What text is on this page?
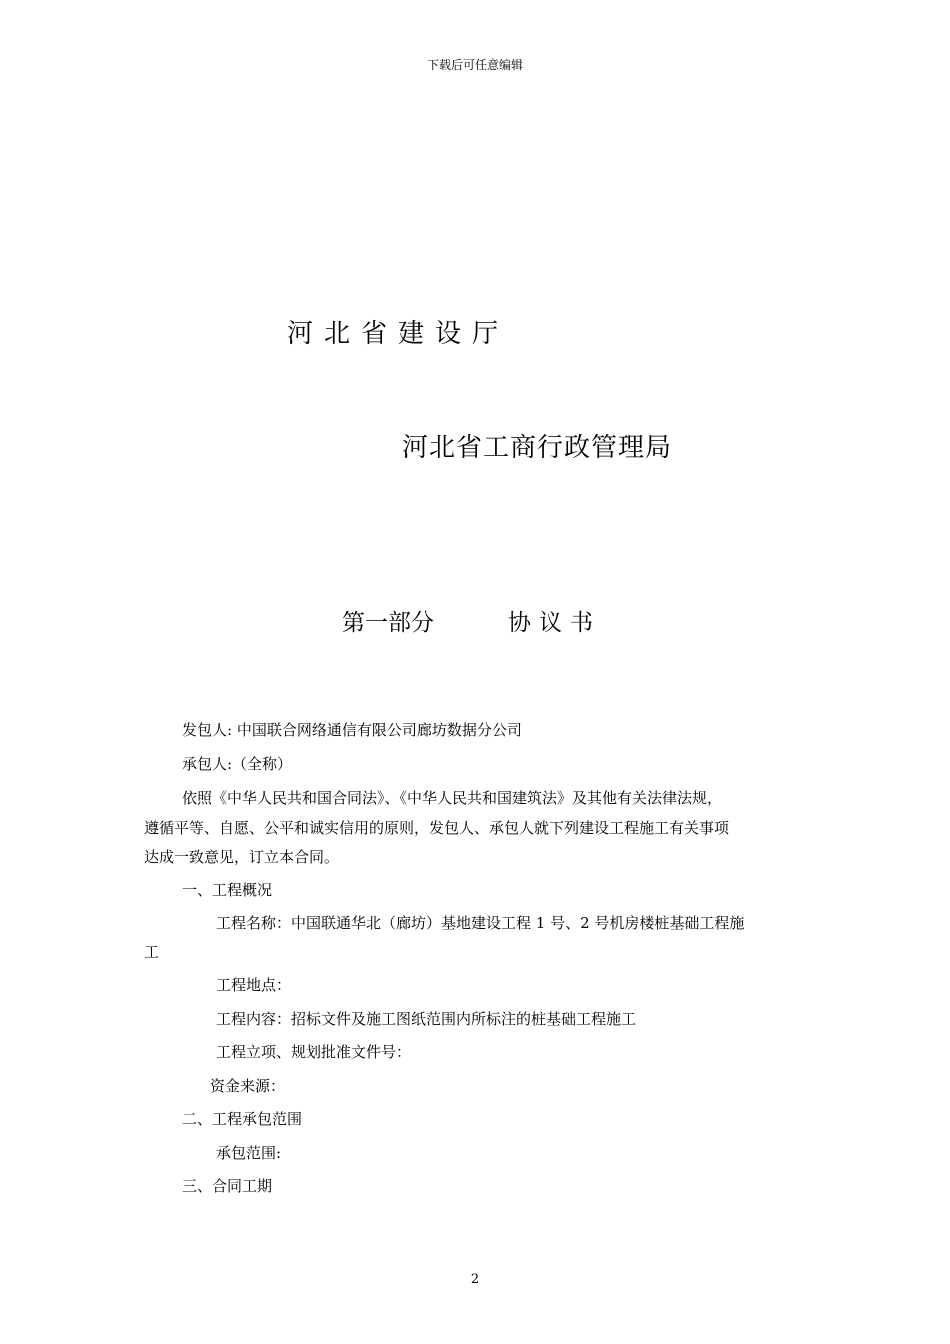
下载后可任意编辑
河北省建设厅
河北省工商行政管理局
第一部分	协议书
发包人: 中国联合网络通信有限公司廊坊数据分公司
承包人:（全称）
依照《中华人民共和国合同法》、《中华人民共和国建筑法》及其他有关法律法规，
遵循平等、自愿、公平和诚实信用的原则，发包人、承包人就下列建设工程施工有关事项
达成一致意见，订立本合同。
一、工程概况
工程名称：中国联通华北（廊坊）基地建设工程 1 号、2 号机房楼桩基础工程施
工
工程地点：
工程内容：招标文件及施工图纸范围内所标注的桩基础工程施工
工程立项、规划批准文件号：
资金来源：
二、工程承包范围
承包范围:
三、合同工期
2
